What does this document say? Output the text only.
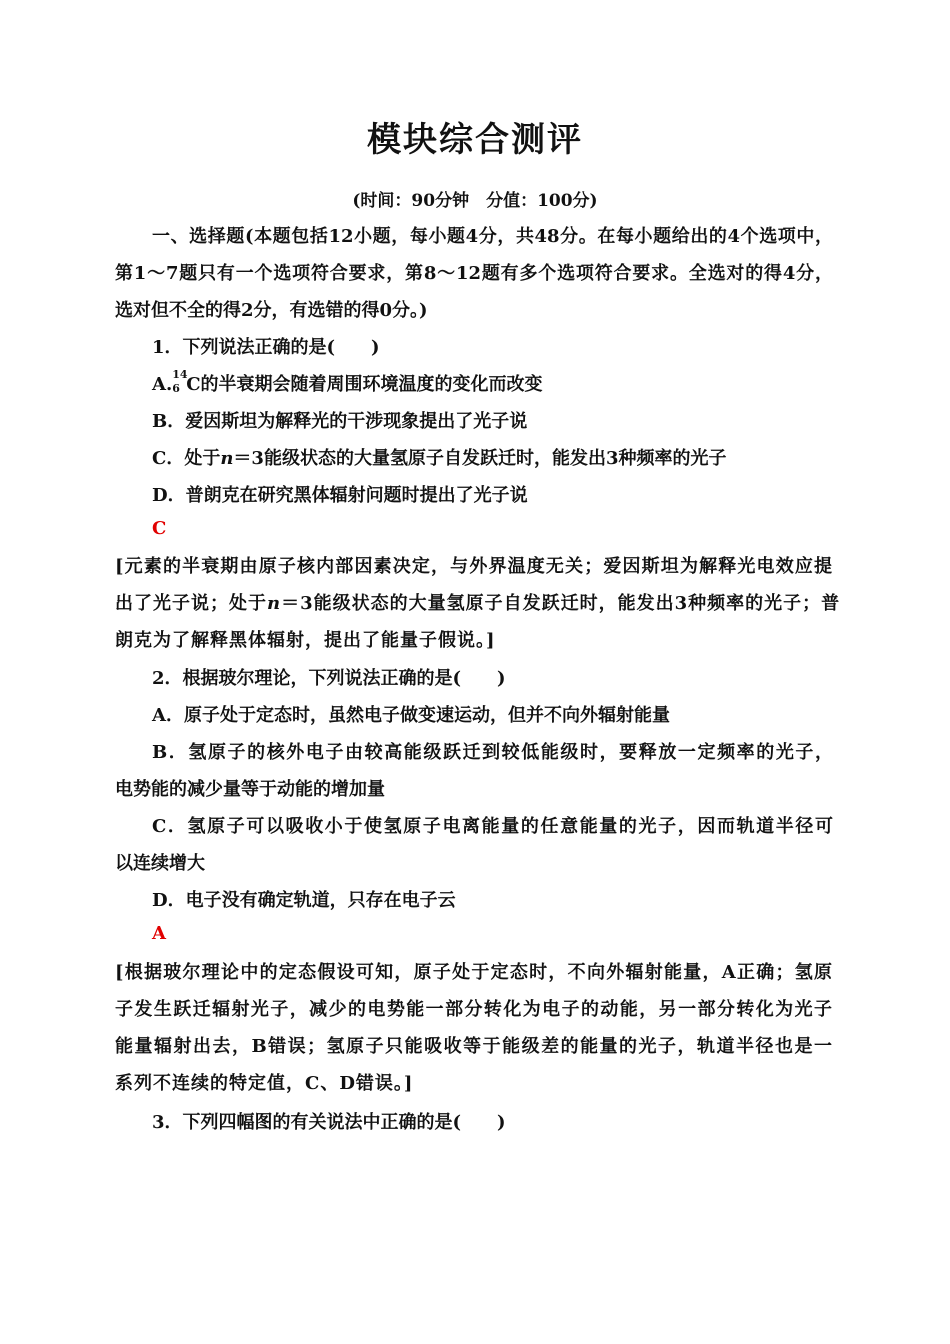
模块综合测评
(时间：90分钟　分值：100分)
一、选择题(本题包括12小题，每小题4分，共48分。在每小题给出的4个选项中，
第1～7题只有一个选项符合要求，第8～12题有多个选项符合要求。全选对的得4分，
选对但不全的得2分，有选错的得0分。)
1．下列说法正确的是(　　)
A. 14
6 C的半衰期会随着周围环境温度的变化而改变
B．爱因斯坦为解释光的干涉现象提出了光子说
C．处于n＝3能级状态的大量氢原子自发跃迁时，能发出3种频率的光子
D．普朗克在研究黑体辐射问题时提出了光子说
C
[元素的半衰期由原子核内部因素决定，与外界温度无关；爱因斯坦为解释光电效应提
出了光子说；处于n＝3能级状态的大量氢原子自发跃迁时，能发出3种频率的光子；普
朗克为了解释黑体辐射，提出了能量子假说。]
2．根据玻尔理论，下列说法正确的是(　　)
A．原子处于定态时，虽然电子做变速运动，但并不向外辐射能量
B．氢原子的核外电子由较高能级跃迁到较低能级时，要释放一定频率的光子，
电势能的减少量等于动能的增加量
C．氢原子可以吸收小于使氢原子电离能量的任意能量的光子，因而轨道半径可
以连续增大
D．电子没有确定轨道，只存在电子云
A
[根据玻尔理论中的定态假设可知，原子处于定态时，不向外辐射能量，A正确；氢原
子发生跃迁辐射光子，减少的电势能一部分转化为电子的动能，另一部分转化为光子
能量辐射出去，B错误；氢原子只能吸收等于能级差的能量的光子，轨道半径也是一
系列不连续的特定值，C、D错误。]
3．下列四幅图的有关说法中正确的是(　　)
